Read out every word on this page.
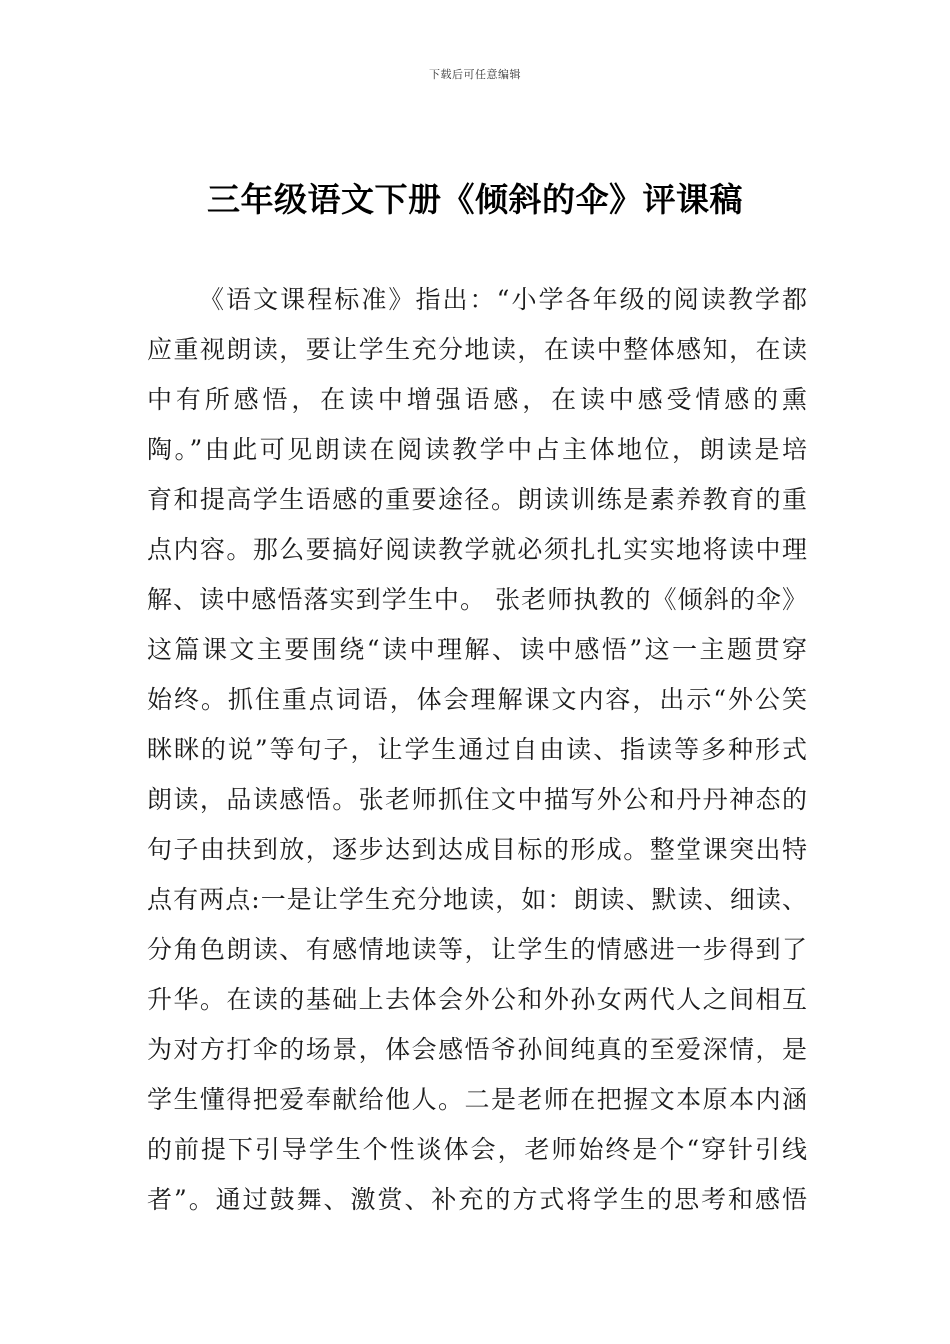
下载后可任意编辑
三年级语文下册《倾斜的伞》评课稿
《语文课程标准》指出：“小学各年级的阅读教学都
应重视朗读，要让学生充分地读，在读中整体感知，在读
中有所感悟，在读中增强语感，在读中感受情感的熏
陶。”由此可见朗读在阅读教学中占主体地位，朗读是培
育和提高学生语感的重要途径。朗读训练是素养教育的重
点内容。那么要搞好阅读教学就必须扎扎实实地将读中理
解、读中感悟落实到学生中。 张老师执教的《倾斜的伞》
这篇课文主要围绕“读中理解、读中感悟”这一主题贯穿
始终。抓住重点词语，体会理解课文内容，出示“外公笑
眯眯的说”等句子，让学生通过自由读、指读等多种形式
朗读，品读感悟。张老师抓住文中描写外公和丹丹神态的
句子由扶到放，逐步达到达成目标的形成。整堂课突出特
点有两点:一是让学生充分地读，如：朗读、默读、细读、
分角色朗读、有感情地读等，让学生的情感进一步得到了
升华。在读的基础上去体会外公和外孙女两代人之间相互
为对方打伞的场景，体会感悟爷孙间纯真的至爱深情，是
学生懂得把爱奉献给他人。二是老师在把握文本原本内涵
的前提下引导学生个性谈体会，老师始终是个“穿针引线
者”。通过鼓舞、激赏、补充的方式将学生的思考和感悟
